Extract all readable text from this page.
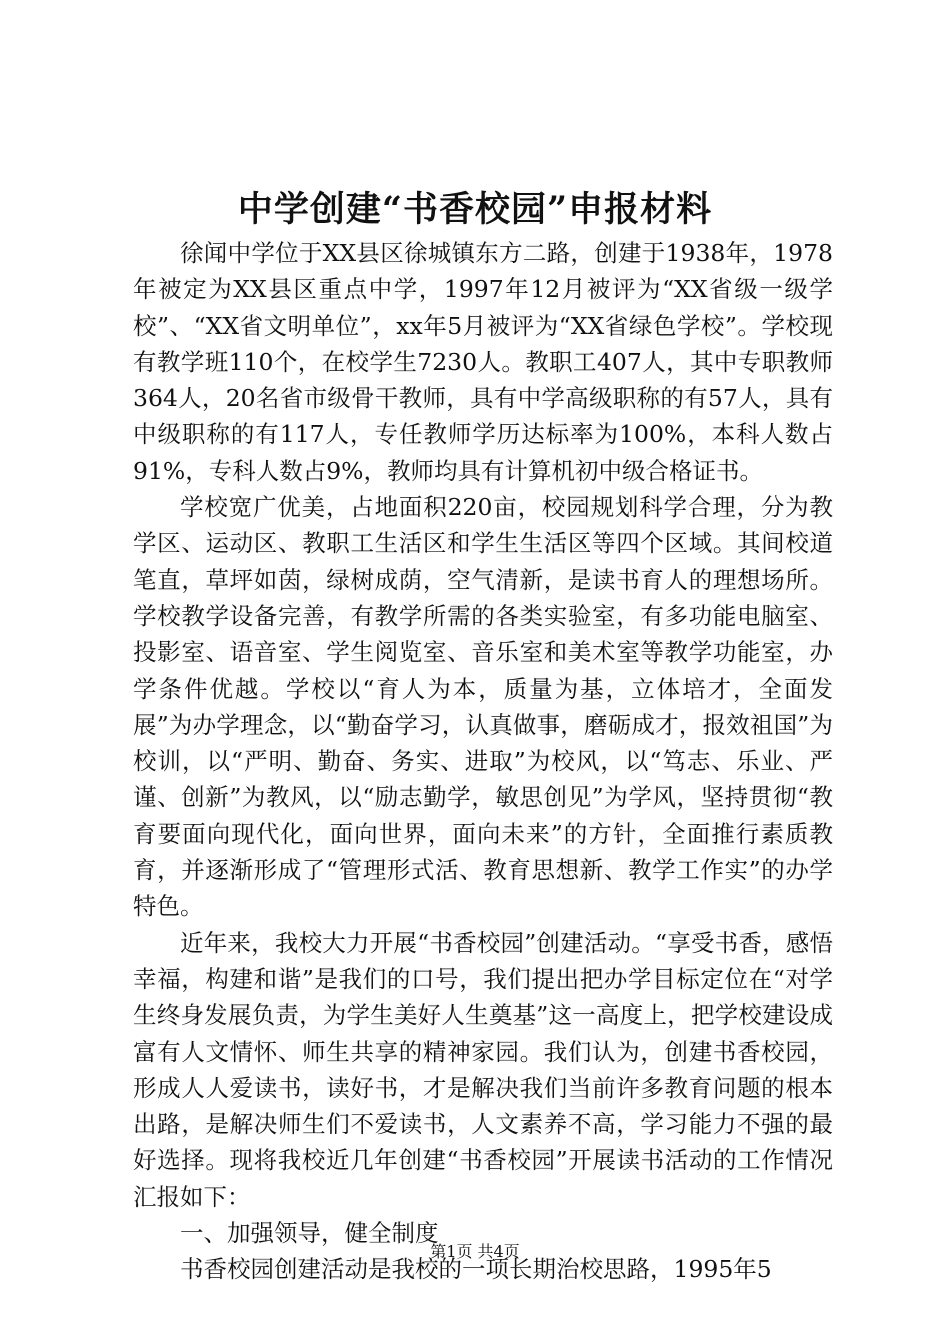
中学创建“书香校园”申报材料

徐闻中学位于XX县区徐城镇东方二路，创建于1938年，1978年被定为XX县区重点中学，1997年12月被评为“XX省级一级学校”、“XX省文明单位”，xx年5月被评为“XX省绿色学校”。学校现有教学班110个，在校学生7230人。教职工407人，其中专职教师364人，20名省市级骨干教师，具有中学高级职称的有57人，具有中级职称的有117人，专任教师学历达标率为100%，本科人数占91%，专科人数占9%，教师均具有计算机初中级合格证书。

学校宽广优美，占地面积220亩，校园规划科学合理，分为教学区、运动区、教职工生活区和学生生活区等四个区域。其间校道笔直，草坪如茵，绿树成荫，空气清新，是读书育人的理想场所。学校教学设备完善，有教学所需的各类实验室，有多功能电脑室、投影室、语音室、学生阅览室、音乐室和美术室等教学功能室，办学条件优越。学校以“育人为本，质量为基，立体培才，全面发展”为办学理念，以“勤奋学习，认真做事，磨砺成才，报效祖国”为校训，以“严明、勤奋、务实、进取”为校风，以“笃志、乐业、严谨、创新”为教风，以“励志勤学，敏思创见”为学风，坚持贯彻“教育要面向现代化，面向世界，面向未来”的方针，全面推行素质教育，并逐渐形成了“管理形式活、教育思想新、教学工作实”的办学特色。

近年来，我校大力开展“书香校园”创建活动。“享受书香，感悟幸福，构建和谐”是我们的口号，我们提出把办学目标定位在“对学生终身发展负责，为学生美好人生奠基”这一高度上，把学校建设成富有人文情怀、师生共享的精神家园。我们认为，创建书香校园，形成人人爱读书，读好书，才是解决我们当前许多教育问题的根本出路，是解决师生们不爱读书，人文素养不高，学习能力不强的最好选择。现将我校近几年创建“书香校园”开展读书活动的工作情况汇报如下：

一、加强领导，健全制度

书香校园创建活动是我校的一项长期治校思路，1995年5

第1页 共4页
